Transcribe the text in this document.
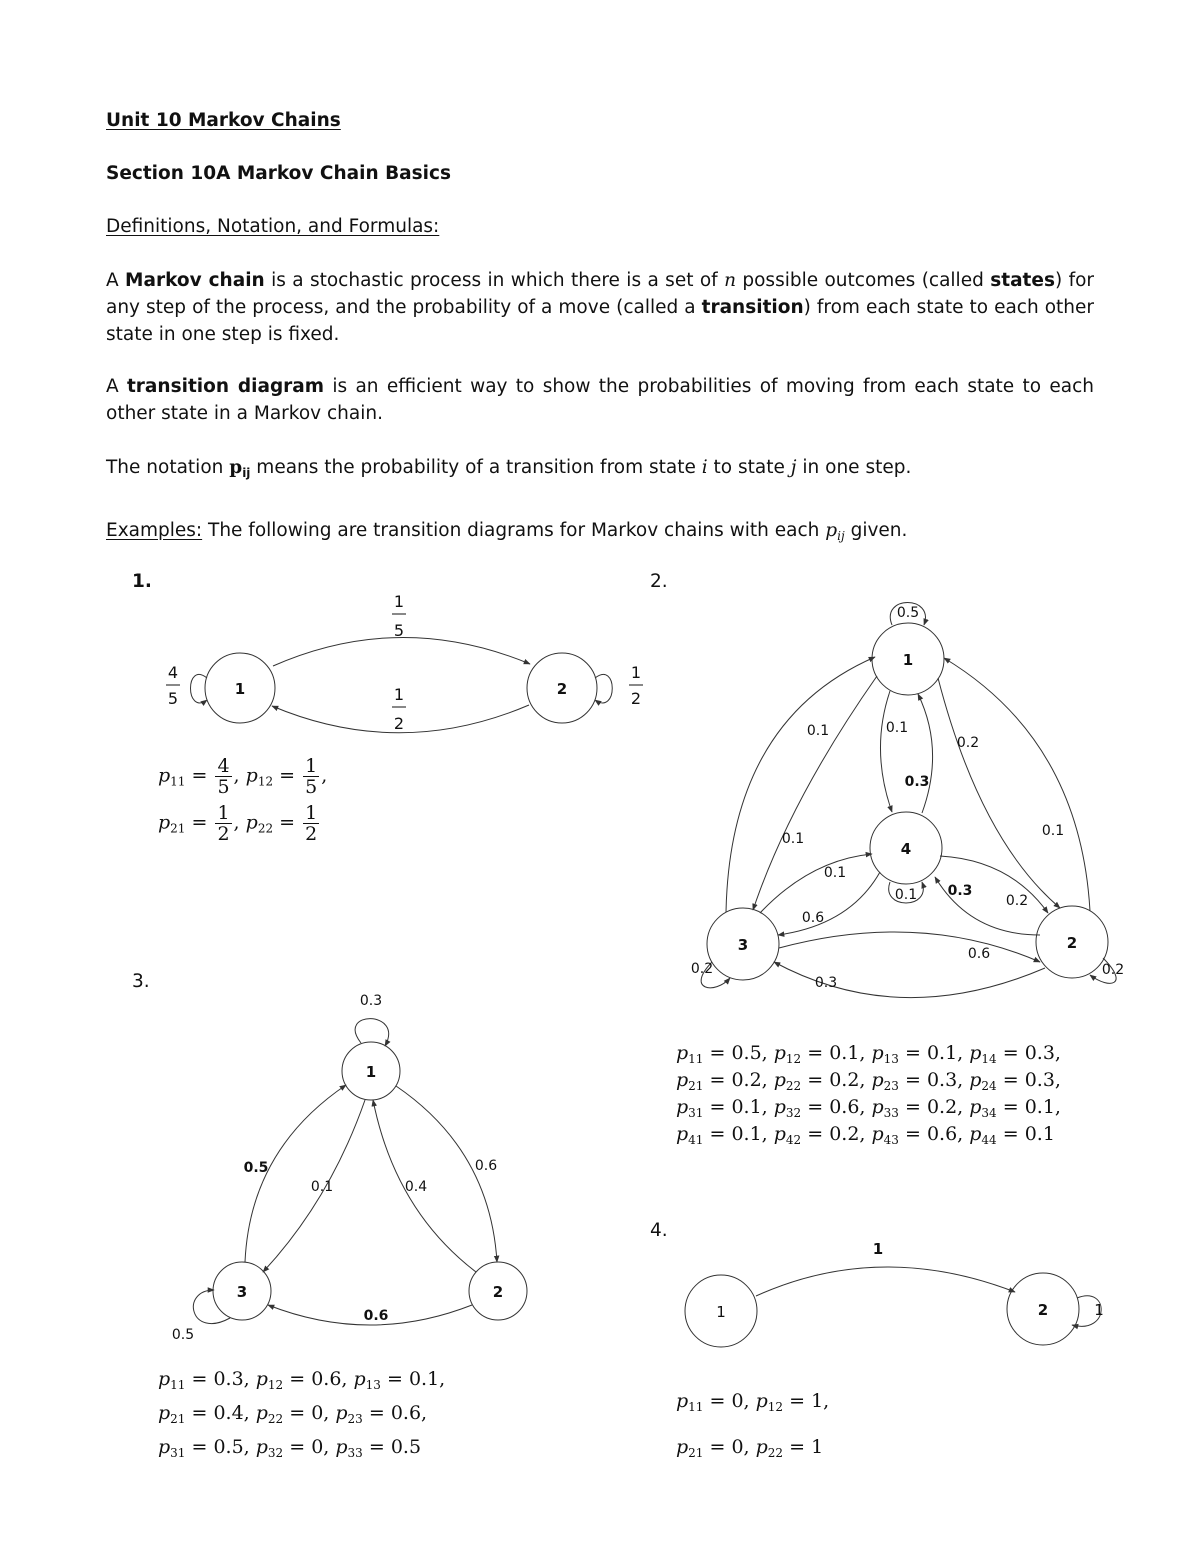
Unit 10 Markov Chains
Section 10A Markov Chain Basics
Definitions, Notation, and Formulas:
A Markov chain is a stochastic process in which there is a set of n possible outcomes (called states) for any step of the process, and the probability of a move (called a transition) from each state to each other state in one step is fixed.
A transition diagram is an efficient way to show the probabilities of moving from each state to each other state in a Markov chain.
The notation $p_{ij}$ means the probability of a transition from state i to state j in one step.
Examples: The following are transition diagrams for Markov chains with each $p_{ij}$ given.
1.	2.
3.
4.
1	2
1
2
3
4
1
2
3
1	2
1
5
1
2
4
5
1
2
0.5
0.1
0.2	0.2
0.1
0.1
0.1
0.3
0.2
0.1
0.1
0.6
0.3
0.2
0.6
0.3
0.3
0.5
0.5
0.1	0.4
0.6
0.6
1
1
$p_{11} = \frac{4}{5}$ , $p_{12} = \frac{1}{5}$ ,
$p_{21} = \frac{1}{2}$ , $p_{22} = \frac{1}{2}$
$p_{11} = 0.5$, $p_{12} = 0.1$, $p_{13} = 0.1$, $p_{14} = 0.3$,
$p_{21} = 0.2$, $p_{22} = 0.2$, $p_{23} = 0.3$, $p_{24} = 0.3$,
$p_{31} = 0.1$, $p_{32} = 0.6$, $p_{33} = 0.2$, $p_{34} = 0.1$,
$p_{41} = 0.1$, $p_{42} = 0.2$, $p_{43} = 0.6$, $p_{44} = 0.1$
$p_{11} = 0.3$, $p_{12} = 0.6$, $p_{13} = 0.1$,
$p_{21} = 0.4$, $p_{22} = 0$, $p_{23} = 0.6$,
$p_{31} = 0.5$, $p_{32} = 0$, $p_{33} = 0.5$
$p_{11} = 0$, $p_{12} = 1$,
$p_{21} = 0$, $p_{22} = 1$
